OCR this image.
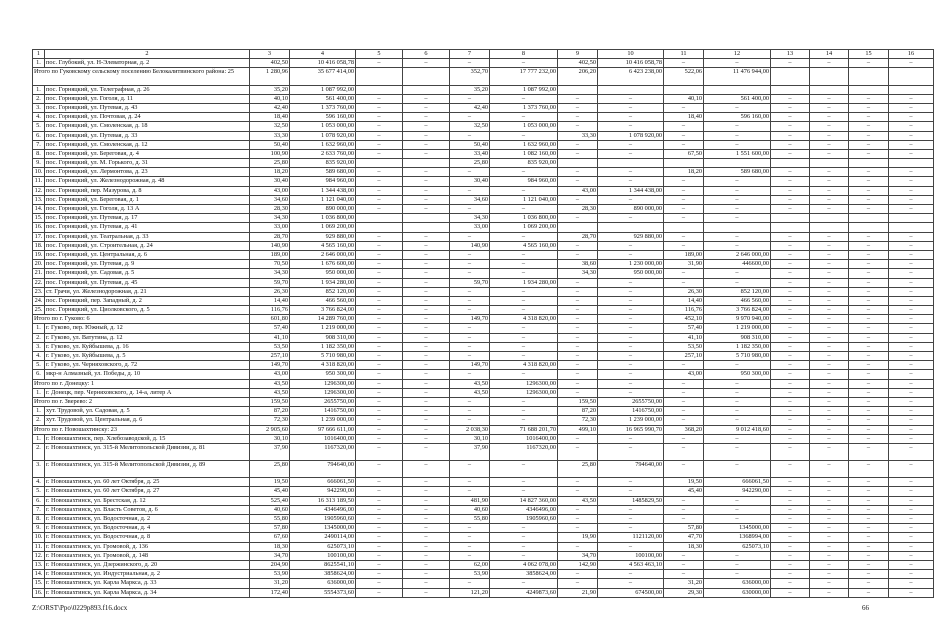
1	2	3	4	5	6	7	8	9	10	11	12	13	14	15	16
1.	пос. Глубокий, ул. Н-Элеваторная, д. 2	402,50	10 416 058,78	–	–	–	–	402,50	10 416 058,78	–	–	–	–	–	–
Итого по Гуковскому сельскому поселению Белокалитвинского района: 25		1 280,96	35 677 414,00			352,70	17 777 232,00	206,20	6 423 238,00	522,06	11 476 944,00				
1.	пос. Горняцкий, ул. Телеграфная, д. 26	35,20	1 087 992,00			35,20	1 087 992,00								
2.	пос. Горняцкий, ул. Гоголя, д. 11	40,10	561 400,00	–	–	–	–	–	–	40,10	561 400,00	–	–	–	–
3.	пос. Горняцкий, ул. Путевая, д. 43	42,40	1 373 760,00	–	–	42,40	1 373 760,00	–	–	–	–	–	–	–	–
4.	пос. Горняцкий, ул. Почтовая, д. 24	18,40	596 160,00	–	–	–	–	–	–	18,40	596 160,00	–	–	–	–
5.	пос. Горняцкий, ул. Смоленская, д. 18	32,50	1 053 000,00	–	–	32,50	1 053 000,00	–	–	–	–	–	–	–	–
6.	пос. Горняцкий, ул. Путевая, д. 33	33,30	1 078 920,00	–	–	–	–	33,30	1 078 920,00	–	–	–	–	–	–
7.	пос. Горняцкий, ул. Смоленская, д. 12	50,40	1 632 960,00	–	–	50,40	1 632 960,00	–	–	–	–	–	–	–	–
8.	пос. Горняцкий, ул. Береговая, д. 4	100,90	2 633 760,00	–	–	33,40	1 082 160,00	–	–	67,50	1 551 600,00	–	–	–	–
9.	пос. Горняцкий, ул. М. Горького, д. 31	25,80	835 920,00			25,80	835 920,00								
10.	пос. Горняцкий, ул. Лермонтова, д. 23	18,20	589 680,00	–	–	–	–	–	–	18,20	589 680,00	–	–	–	–
11.	пос. Горняцкий, ул. Железнодорожная, д. 48	30,40	984 960,00	–	–	30,40	984 960,00	–	–	–	–	–	–	–	–
12.	пос. Горняцкий, пер. Мазурова, д. 8	43,00	1 344 438,00	–	–	–	–	43,00	1 344 438,00	–	–	–	–	–	–
13.	пос. Горняцкий, ул. Береговая, д. 1	34,60	1 121 040,00	–	–	34,60	1 121 040,00	–	–	–	–	–	–	–	–
14.	пос. Горняцкий, ул. Гоголя, д. 13 А	28,30	890 000,00	–	–	–	–	28,30	890 000,00	–	–	–	–	–	–
15.	пос. Горняцкий, ул. Путевая, д. 17	34,30	1 036 800,00			34,30	1 036 800,00	–	–	–	–				
16.	пос. Горняцкий, ул. Путевая, д. 41	33,00	1 069 200,00			33,00	1 069 200,00								
17.	пос. Горняцкий, ул. Театральная, д. 33	28,70	929 880,00	–	–	–	–	28,70	929 880,00	–	–	–	–	–	–
18.	пос. Горняцкий, ул. Строительная, д. 24	140,90	4 565 160,00	–	–	140,90	4 565 160,00	–	–	–	–	–	–	–	–
19.	пос. Горняцкий, ул. Центральная, д. 6	189,00	2 646 000,00	–	–	–	–	–	–	189,00	2 646 000,00	–	–	–	–
20.	пос. Горняцкий, ул. Путевая, д. 9	70,50	1 676 600,00	–	–	–	–	38,60	1 230 000,00	31,90	446600,00	–	–	–	–
21.	пос. Горняцкий, ул. Садовая, д. 5	34,30	950 000,00	–	–	–	–	34,30	950 000,00	–	–	–	–	–	–
22.	пос. Горняцкий, ул. Путевая, д. 45	59,70	1 934 280,00	–	–	59,70	1 934 280,00	–	–	–	–	–	–	–	–
23.	ст. Грачи, ул. Железнодорожная, д. 21	26,30	852 120,00	–	–	–	–	–	–	26,30	852 120,00	–	–	–	–
24.	пос. Горняцкий, пер. Западный, д. 2	14,40	466 560,00	–	–	–	–	–	–	14,40	466 560,00	–	–	–	–
25.	пос. Горняцкий, ул. Циолковского, д. 5	116,76	3 766 824,00	–	–	–	–	–	–	116,76	3 766 824,00	–	–	–	–
Итого по г. Гуково: 6		601,80	14 289 760,00	–	–	149,70	4 318 820,00	–	–	452,10	9 970 940,00	–	–	–	–
1.	г. Гуково, пер. Южный, д. 12	57,40	1 219 000,00	–	–	–	–	–	–	57,40	1 219 000,00	–	–	–	–
2.	г. Гуково, ул. Ватутина, д. 12	41,10	908 310,00	–	–	–	–	–	–	41,10	908 310,00	–	–	–	–
3.	г. Гуково, ул. Куйбышева, д. 16	53,50	1 182 350,00	–	–	–	–	–	–	53,50	1 182 350,00	–	–	–	–
4.	г. Гуково, ул. Куйбышева, д. 5	257,10	5 710 980,00	–	–	–	–	–	–	257,10	5 710 980,00	–	–	–	–
5.	г. Гуково, ул. Черняховского, д. 72	149,70	4 318 820,00	–	–	149,70	4 318 820,00	–	–	–	–	–	–	–	–
6.	мкр-н Алмазный, ул. Победы, д. 10	43,00	950 300,00	–	–	–	–	–	–	43,00	950 300,00	–	–	–	–
Итого по г. Донецку: 1		43,50	1296300,00	–	–	43,50	1296300,00	–	–	–	–	–	–	–	–
1.	г. Донецк, пер. Черняховского, д. 14-а, литер А	43,50	1296300,00	–	–	43,50	1296300,00	–	–	–	–	–	–	–	–
Итого по г. Зверево: 2		159,50	2655750,00	–	–	–	–	159,50	2655750,00	–	–	–	–	–	–
1.	хут. Трудовой, ул. Садовая, д. 5	87,20	1416750,00	–	–	–	–	87,20	1416750,00	–	–	–	–	–	–
2.	хут. Трудовой, ул. Центральная, д. 6	72,30	1 239 000,00	–	–	–	–	72,30	1 239 000,00	–	–	–	–	–	–
Итого по г. Новошахтинску: 23		2 905,60	97 666 611,00	–	–	2 038,30	71 688 201,70	499,10	16 965 990,70	368,20	9 012 418,60	–	–	–	–
1.	г. Новошахтинск, пер. Хлебозаводской, д. 15	30,10	1016400,00	–	–	30,10	1016400,00	–	–	–	–	–	–	–	–
2.	г. Новошахтинск, ул. 315-й Мелитопольской Дивизии, д. 81	37,90	1167320,00	–	–	37,90	1167320,00	–	–	–	–	–	–	–	–
3.	г. Новошахтинск, ул. 315-й Мелитопольской Дивизии, д. 89	25,80	794640,00	–	–	–	–	25,80	794640,00	–	–	–	–	–	–
4.	г. Новошахтинск, ул. 60 лет Октября, д. 25	19,50	666061,50	–	–	–	–	–	–	19,50	666061,50	–	–	–	–
5.	г. Новошахтинск, ул. 60 лет Октября, д. 27	45,40	942290,00	–	–	–	–	–	–	45,40	942290,00	–	–	–	–
6.	г. Новошахтинск, ул. Брестская, д. 12	525,40	16 313 189,50	–	–	481,90	14 827 360,00	43,50	1485829,50	–	–	–	–	–	–
7.	г. Новошахтинск, ул. Власть Советов, д. 6	40,60	4346496,00	–	–	40,60	4346496,00	–	–	–	–	–	–	–	–
8.	г. Новошахтинск, ул. Водосточная, д. 2	55,80	1905960,60	–	–	55,80	1905960,60	–	–	–	–	–	–	–	–
9.	г. Новошахтинск, ул. Водосточная, д. 4	57,80	1345000,00	–	–	–	–	–	–	57,80	1345000,00	–	–	–	–
10.	г. Новошахтинск, ул. Водосточная, д. 8	67,60	2490114,00	–	–	–	–	19,90	1121120,00	47,70	1368994,00	–	–	–	–
11.	г. Новошахтинск, ул. Громовой, д. 136	18,30	625073,10	–	–	–	–	–	–	18,30	625073,10	–	–	–	–
12.	г. Новошахтинск, ул. Громовой, д. 148	34,70	100100,00	–	–	–	–	34,70	100100,00	–	–	–	–	–	–
13.	г. Новошахтинск, ул. Дзержинского, д. 20	204,90	8625541,10	–	–	62,00	4 062 078,00	142,90	4 563 463,10	–	–	–	–	–	–
14.	г. Новошахтинск, ул. Индустриальная, д. 2	53,90	3858624,00	–	–	53,90	3858624,00	–	–	–	–	–	–	–	–
15.	г. Новошахтинск, ул. Карла Маркса, д. 33	31,20	636000,00	–	–	–	–	–	–	31,20	636000,00	–	–	–	–
16.	г. Новошахтинск, ул. Карла Маркса, д. 34	172,40	5554373,60	–	–	121,20	4249873,60	21,90	674500,00	29,30	630000,00	–	–	–	–
Z:\ORST\Ppo\0229p893.f16.docx	66
